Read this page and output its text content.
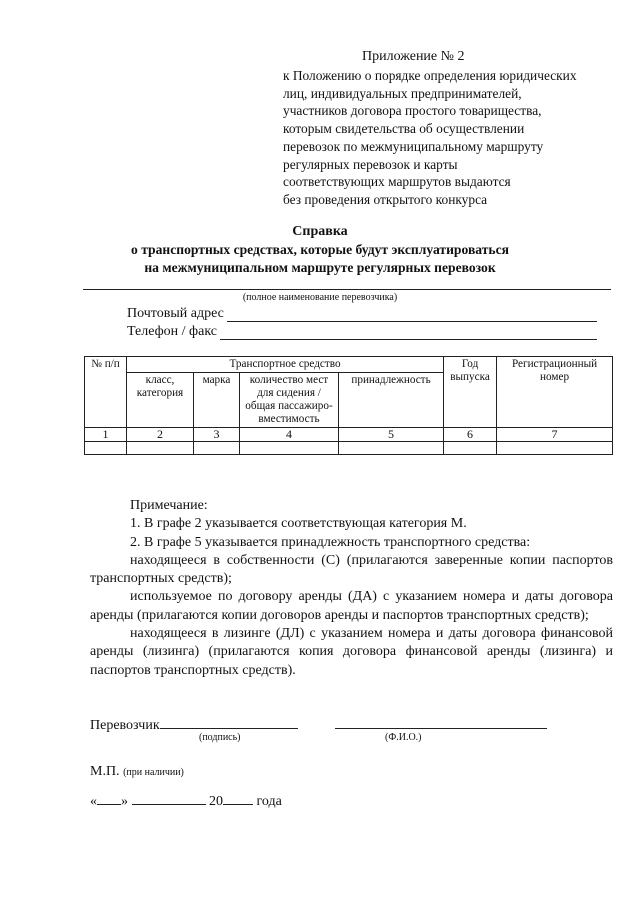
Приложение № 2
к Положению о порядке определения юридических
лиц, индивидуальных предпринимателей,
участников договора простого товарищества,
которым свидетельства об осуществлении
перевозок по межмуниципальному маршруту
регулярных перевозок и карты
соответствующих маршрутов выдаются
без проведения открытого конкурса
Справка
о транспортных средствах, которые будут эксплуатироваться
на межмуниципальном маршруте регулярных перевозок
(полное наименование перевозчика)
Почтовый адрес
Телефон / факс
№ п/п	Транспортное средство				Год выпуска	Регистрационный номер
	класс, категория	марка	количество мест для сидения / общая пассажиро-вместимость	принадлежность		
1	2	3	4	5	6	7

Примечание:

1. В графе 2 указывается соответствующая категория М.

2. В графе 5 указывается принадлежность транспортного средства:

находящееся в собственности (С) (прилагаются заверенные копии паспортов транспортных средств);

используемое по договору аренды (ДА) с указанием номера и даты договора аренды (прилагаются копии договоров аренды и паспортов транспортных средств);

находящееся в лизинге (ДЛ) с указанием номера и даты договора финансовой аренды (лизинга) (прилагаются копия договора финансовой аренды (лизинга) и паспортов транспортных средств).

Перевозчик
(подпись)	(Ф.И.О.)
М.П. (при наличии)
« »	20 года
